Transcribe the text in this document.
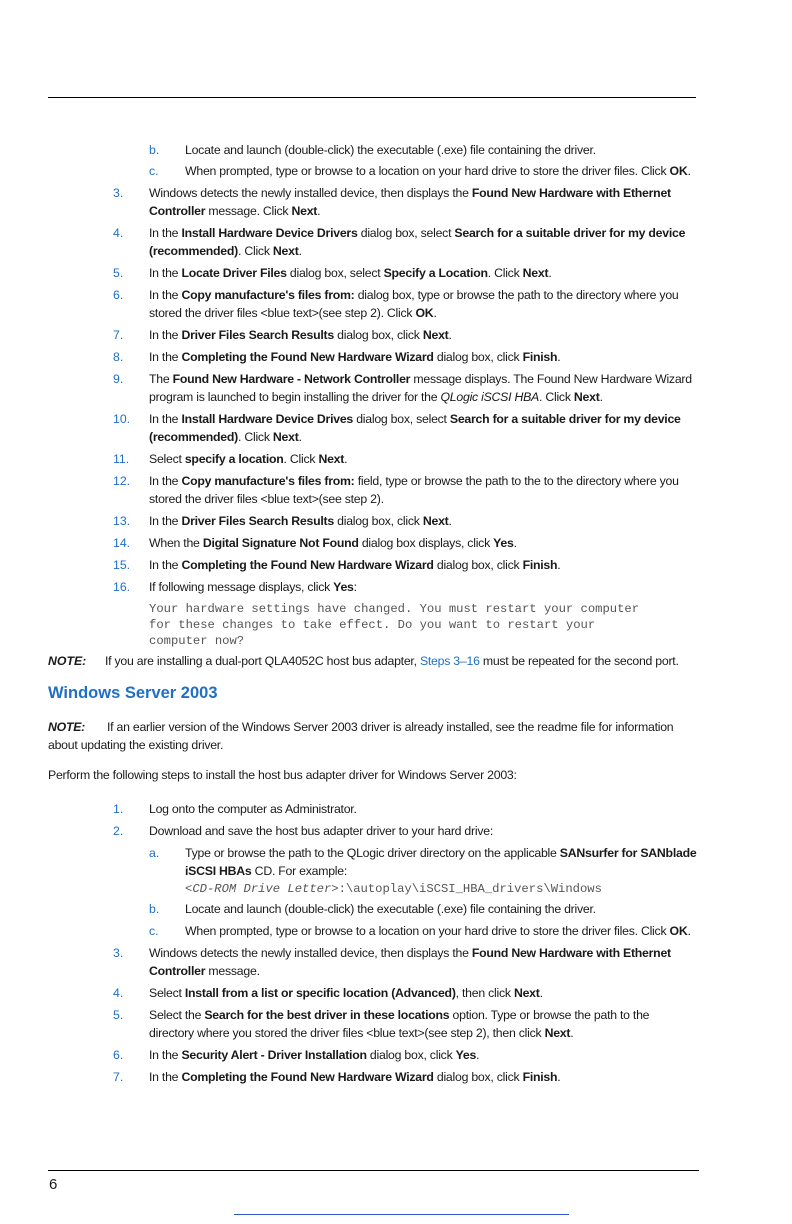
b. Locate and launch (double-click) the executable (.exe) file containing the driver.
c. When prompted, type or browse to a location on your hard drive to store the driver files. Click OK.
3. Windows detects the newly installed device, then displays the Found New Hardware with Ethernet Controller message. Click Next.
4. In the Install Hardware Device Drivers dialog box, select Search for a suitable driver for my device (recommended). Click Next.
5. In the Locate Driver Files dialog box, select Specify a Location. Click Next.
6. In the Copy manufacture's files from: dialog box, type or browse the path to the directory where you stored the driver files <blue text>(see step 2). Click OK.
7. In the Driver Files Search Results dialog box, click Next.
8. In the Completing the Found New Hardware Wizard dialog box, click Finish.
9. The Found New Hardware - Network Controller message displays. The Found New Hardware Wizard program is launched to begin installing the driver for the QLogic iSCSI HBA. Click Next.
10. In the Install Hardware Device Drives dialog box, select Search for a suitable driver for my device (recommended). Click Next.
11. Select specify a location. Click Next.
12. In the Copy manufacture's files from: field, type or browse the path to the to the directory where you stored the driver files <blue text>(see step 2).
13. In the Driver Files Search Results dialog box, click Next.
14. When the Digital Signature Not Found dialog box displays, click Yes.
15. In the Completing the Found New Hardware Wizard dialog box, click Finish.
16. If following message displays, click Yes:
Your hardware settings have changed. You must restart your computer
for these changes to take effect. Do you want to restart your
computer now?
NOTE: If you are installing a dual-port QLA4052C host bus adapter, Steps 3–16 must be repeated for the second port.
Windows Server 2003
NOTE: If an earlier version of the Windows Server 2003 driver is already installed, see the readme file for information about updating the existing driver.
Perform the following steps to install the host bus adapter driver for Windows Server 2003:
1. Log onto the computer as Administrator.
2. Download and save the host bus adapter driver to your hard drive:
a. Type or browse the path to the QLogic driver directory on the applicable SANsurfer for SANblade iSCSI HBAs CD. For example:
b. Locate and launch (double-click) the executable (.exe) file containing the driver.
c. When prompted, type or browse to a location on your hard drive to store the driver files. Click OK.
3. Windows detects the newly installed device, then displays the Found New Hardware with Ethernet Controller message.
4. Select Install from a list or specific location (Advanced), then click Next.
5. Select the Search for the best driver in these locations option. Type or browse the path to the directory where you stored the driver files <blue text>(see step 2), then click Next.
6. In the Security Alert - Driver Installation dialog box, click Yes.
7. In the Completing the Found New Hardware Wizard dialog box, click Finish.
<CD-ROM Drive Letter>:\autoplay\iSCSI_HBA_drivers\Windows
6
